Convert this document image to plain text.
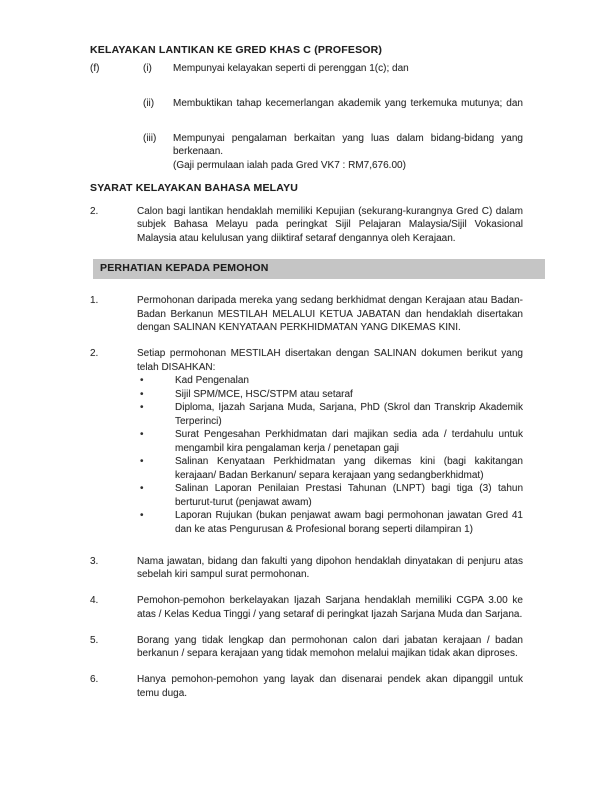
KELAYAKAN LANTIKAN KE GRED KHAS C (PROFESOR)
(f)	(i)	Mempunyai kelayakan seperti di perenggan 1(c); dan

(ii)	Membuktikan tahap kecemerlangan akademik yang terkemuka mutunya; dan

(iii)	Mempunyai pengalaman berkaitan yang luas dalam bidang-bidang yang berkenaan.

(Gaji permulaan ialah pada Gred VK7 : RM7,676.00)

SYARAT KELAYAKAN BAHASA MELAYU
2.	Calon bagi lantikan hendaklah memiliki Kepujian (sekurang-kurangnya Gred C) dalam subjek Bahasa Melayu pada peringkat Sijil Pelajaran Malaysia/Sijil Vokasional Malaysia atau kelulusan yang diiktiraf setaraf dengannya oleh Kerajaan.

PERHATIAN KEPADA PEMOHON
1.	Permohonan daripada mereka yang sedang berkhidmat dengan Kerajaan atau Badan-Badan Berkanun MESTILAH MELALUI KETUA JABATAN dan hendaklah disertakan dengan SALINAN KENYATAAN PERKHIDMATAN YANG DIKEMAS KINI.

2.	Setiap permohonan MESTILAH disertakan dengan SALINAN dokumen berikut yang telah DISAHKAN:

•	Kad Pengenalan

•	Sijil SPM/MCE, HSC/STPM atau setaraf

•	Diploma, Ijazah Sarjana Muda, Sarjana, PhD (Skrol dan Transkrip Akademik Terperinci)

•	Surat Pengesahan Perkhidmatan dari majikan sedia ada / terdahulu untuk mengambil kira pengalaman kerja / penetapan gaji

•	Salinan Kenyataan Perkhidmatan yang dikemas kini (bagi kakitangan kerajaan/ Badan Berkanun/ separa kerajaan yang sedangberkhidmat)

•	Salinan Laporan Penilaian Prestasi Tahunan (LNPT) bagi tiga (3) tahun berturut-turut (penjawat awam)

•	Laporan Rujukan (bukan penjawat awam bagi permohonan jawatan Gred 41 dan ke atas Pengurusan & Profesional borang seperti dilampiran 1)

3.	Nama jawatan, bidang dan fakulti yang dipohon hendaklah dinyatakan di penjuru atas sebelah kiri sampul surat permohonan.

4.	Pemohon-pemohon berkelayakan Ijazah Sarjana hendaklah memiliki CGPA 3.00 ke atas / Kelas Kedua Tinggi / yang setaraf di peringkat Ijazah Sarjana Muda dan Sarjana.

5.	Borang yang tidak lengkap dan permohonan calon dari jabatan kerajaan / badan berkanun / separa kerajaan yang tidak memohon melalui majikan tidak akan diproses.

6.	Hanya pemohon-pemohon yang layak dan disenarai pendek akan dipanggil untuk temu duga.
